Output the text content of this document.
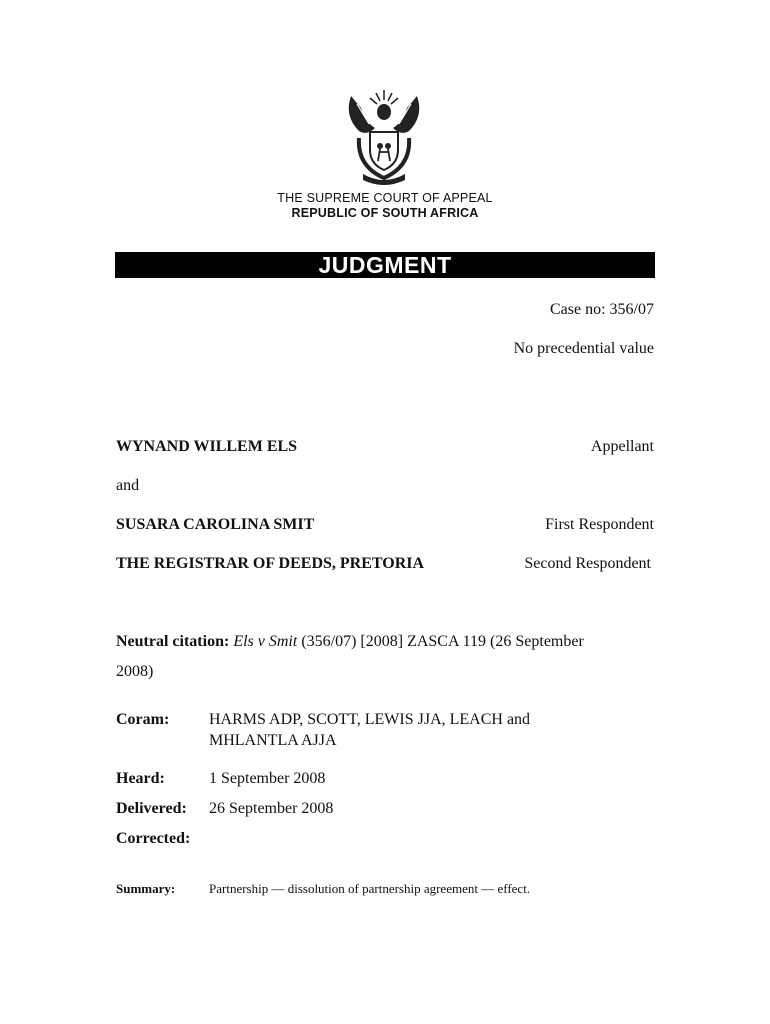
THE SUPREME COURT OF APPEAL
REPUBLIC OF SOUTH AFRICA
JUDGMENT
Case no: 356/07
No precedential value
WYNAND WILLEM ELS	Appellant
and
SUSARA CAROLINA SMIT	First Respondent
THE REGISTRAR OF DEEDS, PRETORIA	Second Respondent
Neutral citation: Els v Smit (356/07) [2008] ZASCA 119 (26 September
2008)
Coram: HARMS ADP, SCOTT, LEWIS JJA, LEACH and
MHLANTLA AJJA
Heard:	1 September 2008
Delivered: 26 September 2008
Corrected:
Summary:	Partnership — dissolution of partnership agreement — effect.
